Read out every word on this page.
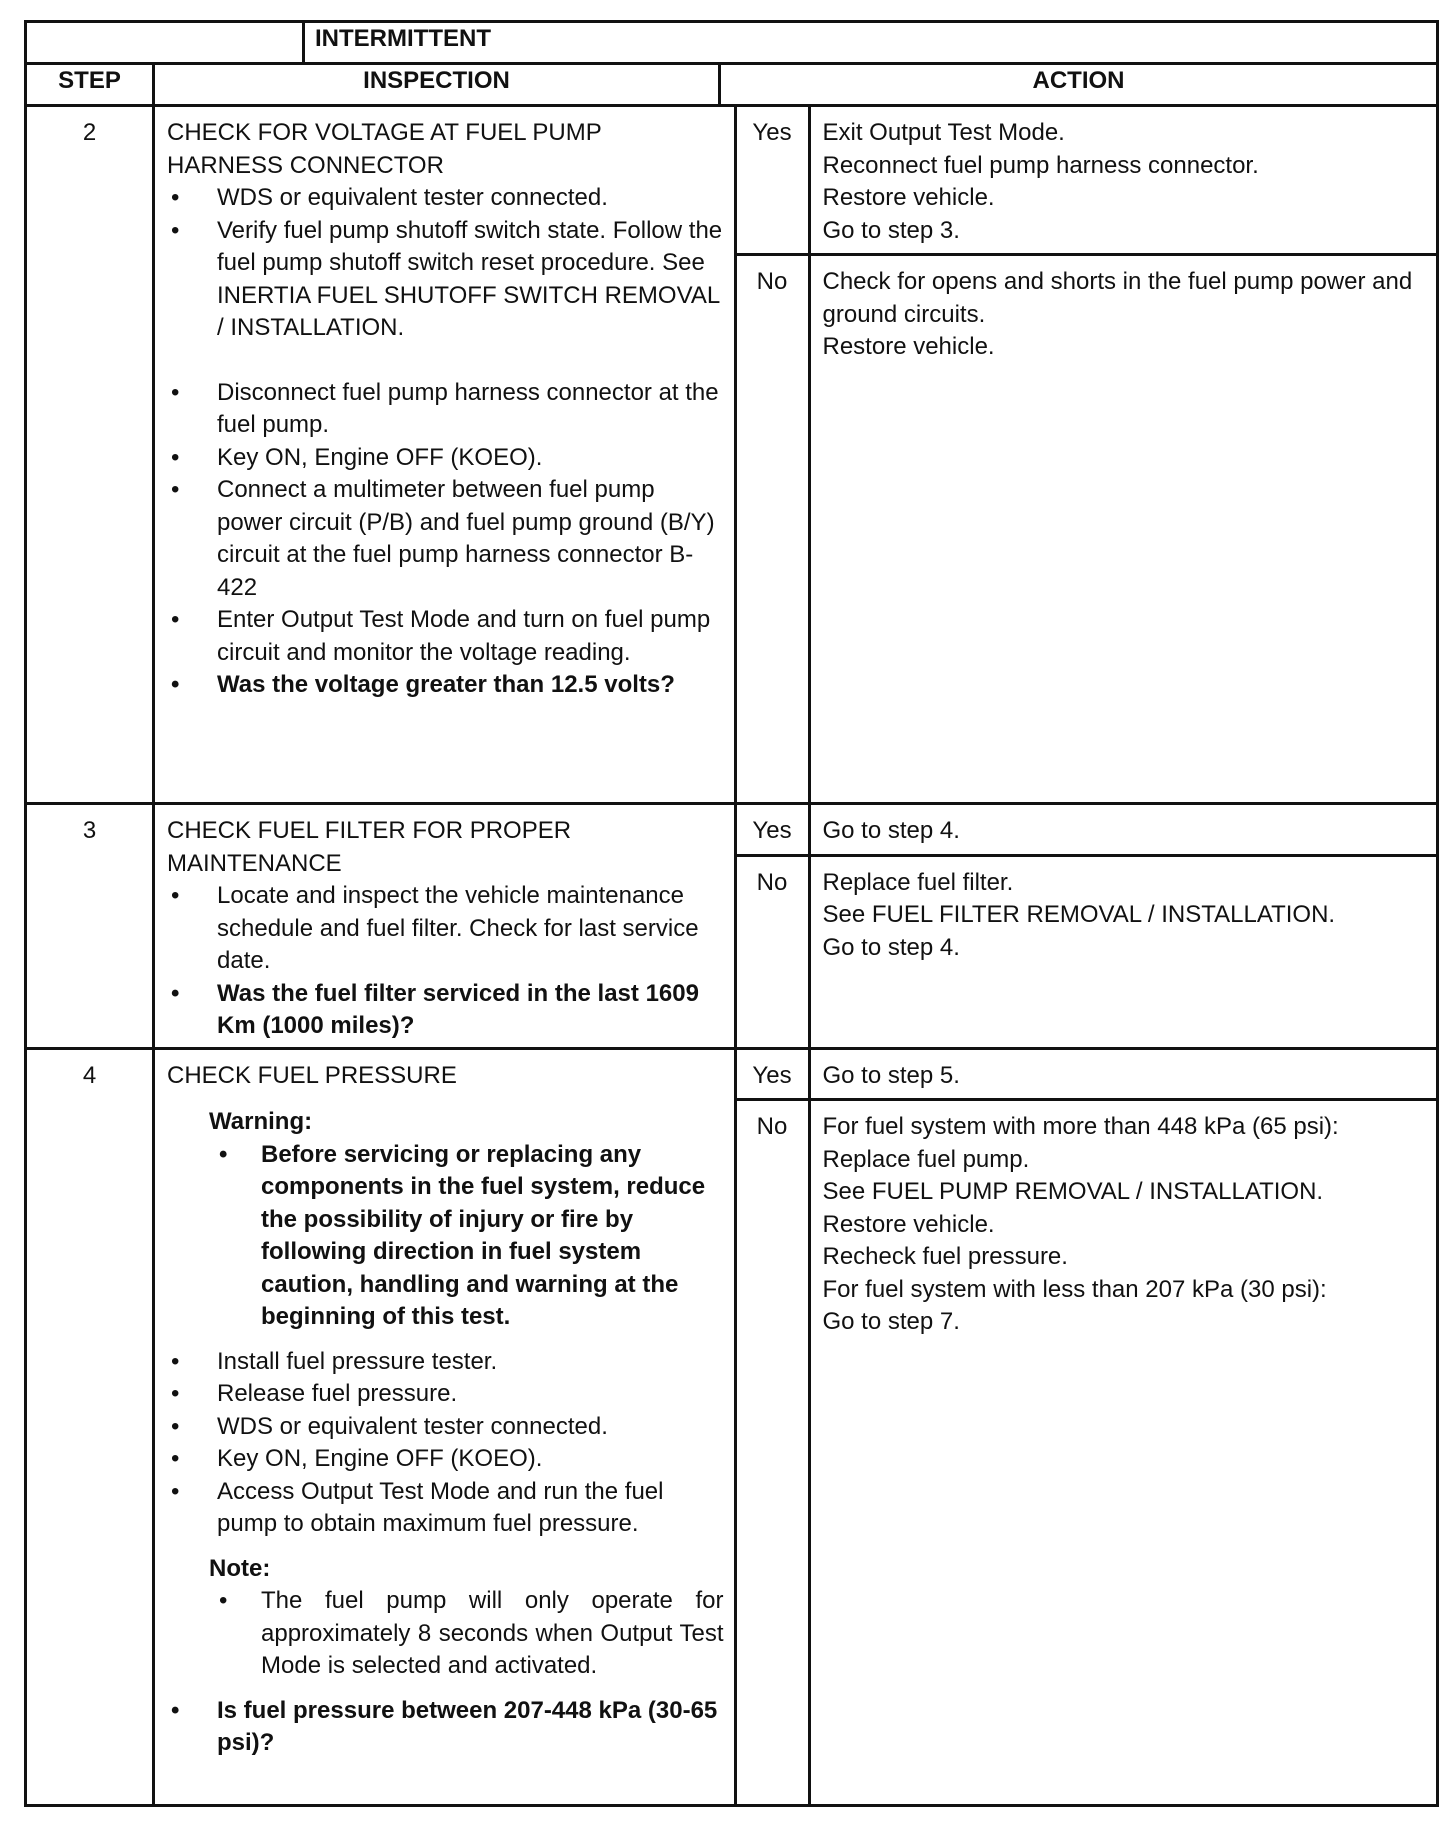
		INTERMITTENT	
STEP	INSPECTION		ACTION
2		CHECK FOR VOLTAGE AT FUEL PUMP
HARNESS CONNECTOR
• WDS or equivalent tester connected.
• Verify fuel pump shutoff switch state. Follow the fuel pump shutoff switch reset procedure. See INERTIA FUEL SHUTOFF SWITCH REMOVAL / INSTALLATION.
• Disconnect fuel pump harness connector at the fuel pump.
• Key ON, Engine OFF (KOEO).
• Connect a multimeter between fuel pump power circuit (P/B) and fuel pump ground (B/Y) circuit at the fuel pump harness connector B-422
• Enter Output Test Mode and turn on fuel pump circuit and monitor the voltage reading.
• Was the voltage greater than 12.5 volts?
	Yes	Exit Output Test Mode.
Reconnect fuel pump harness connector.
Restore vehicle.
Go to step 3.

No	Check for opens and shorts in the fuel pump power and ground circuits.
Restore vehicle.

3		CHECK FUEL FILTER FOR PROPER
MAINTENANCE
• Locate and inspect the vehicle maintenance schedule and fuel filter. Check for last service date.
• Was the fuel filter serviced in the last 1609 Km (1000 miles)?
	Yes	Go to step 4.

No	Replace fuel filter.
See FUEL FILTER REMOVAL / INSTALLATION.
Go to step 4.

4		CHECK FUEL PRESSURE
Warning:
• Before servicing or replacing any components in the fuel system, reduce the possibility of injury or fire by following direction in fuel system caution, handling and warning at the beginning of this test.
• Install fuel pressure tester.
• Release fuel pressure.
• WDS or equivalent tester connected.
• Key ON, Engine OFF (KOEO).
• Access Output Test Mode and run the fuel pump to obtain maximum fuel pressure.
Note:
• The fuel pump will only operate for approximately 8 seconds when Output Test Mode is selected and activated.
• Is fuel pressure between 207-448 kPa (30-65 psi)?
	Yes	Go to step 5.

No	For fuel system with more than 448 kPa (65 psi):
Replace fuel pump.
See FUEL PUMP REMOVAL / INSTALLATION.
Restore vehicle.
Recheck fuel pressure.
For fuel system with less than 207 kPa (30 psi):
Go to step 7.
